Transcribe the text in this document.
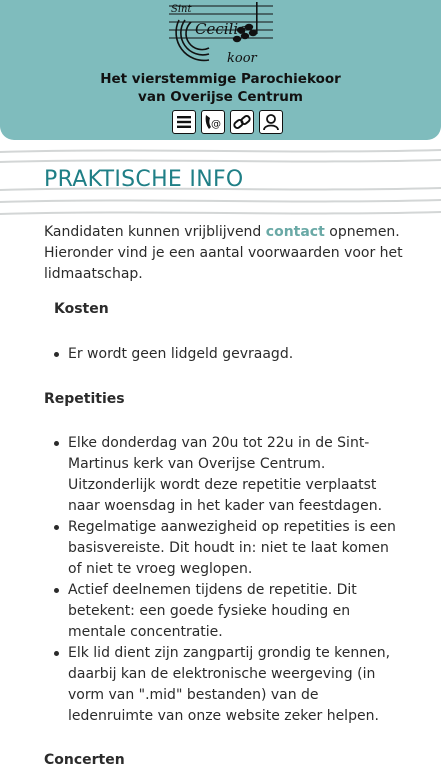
Sint
Cecilia
koor
Het vierstemmige Parochiekoor
van Overijse Centrum
@
PRAKTISCHE INFO

Kandidaten kunnen vrijblijvend contact opnemen. Hieronder vind je een aantal voorwaarden voor het lidmaatschap.

Kosten
Er wordt geen lidgeld gevraagd.
Repetities
Elke donderdag van 20u tot 22u in de Sint-Martinus kerk van Overijse Centrum. Uitzonderlijk wordt deze repetitie verplaatst naar woensdag in het kader van feestdagen.
Regelmatige aanwezigheid op repetities is een basisvereiste. Dit houdt in: niet te laat komen of niet te vroeg weglopen.
Actief deelnemen tijdens de repetitie. Dit betekent: een goede fysieke houding en mentale concentratie.
Elk lid dient zijn zangpartij grondig te kennen, daarbij kan de elektronische weergeving (in vorm van ".mid" bestanden) van de ledenruimte van onze website zeker helpen.
Concerten
